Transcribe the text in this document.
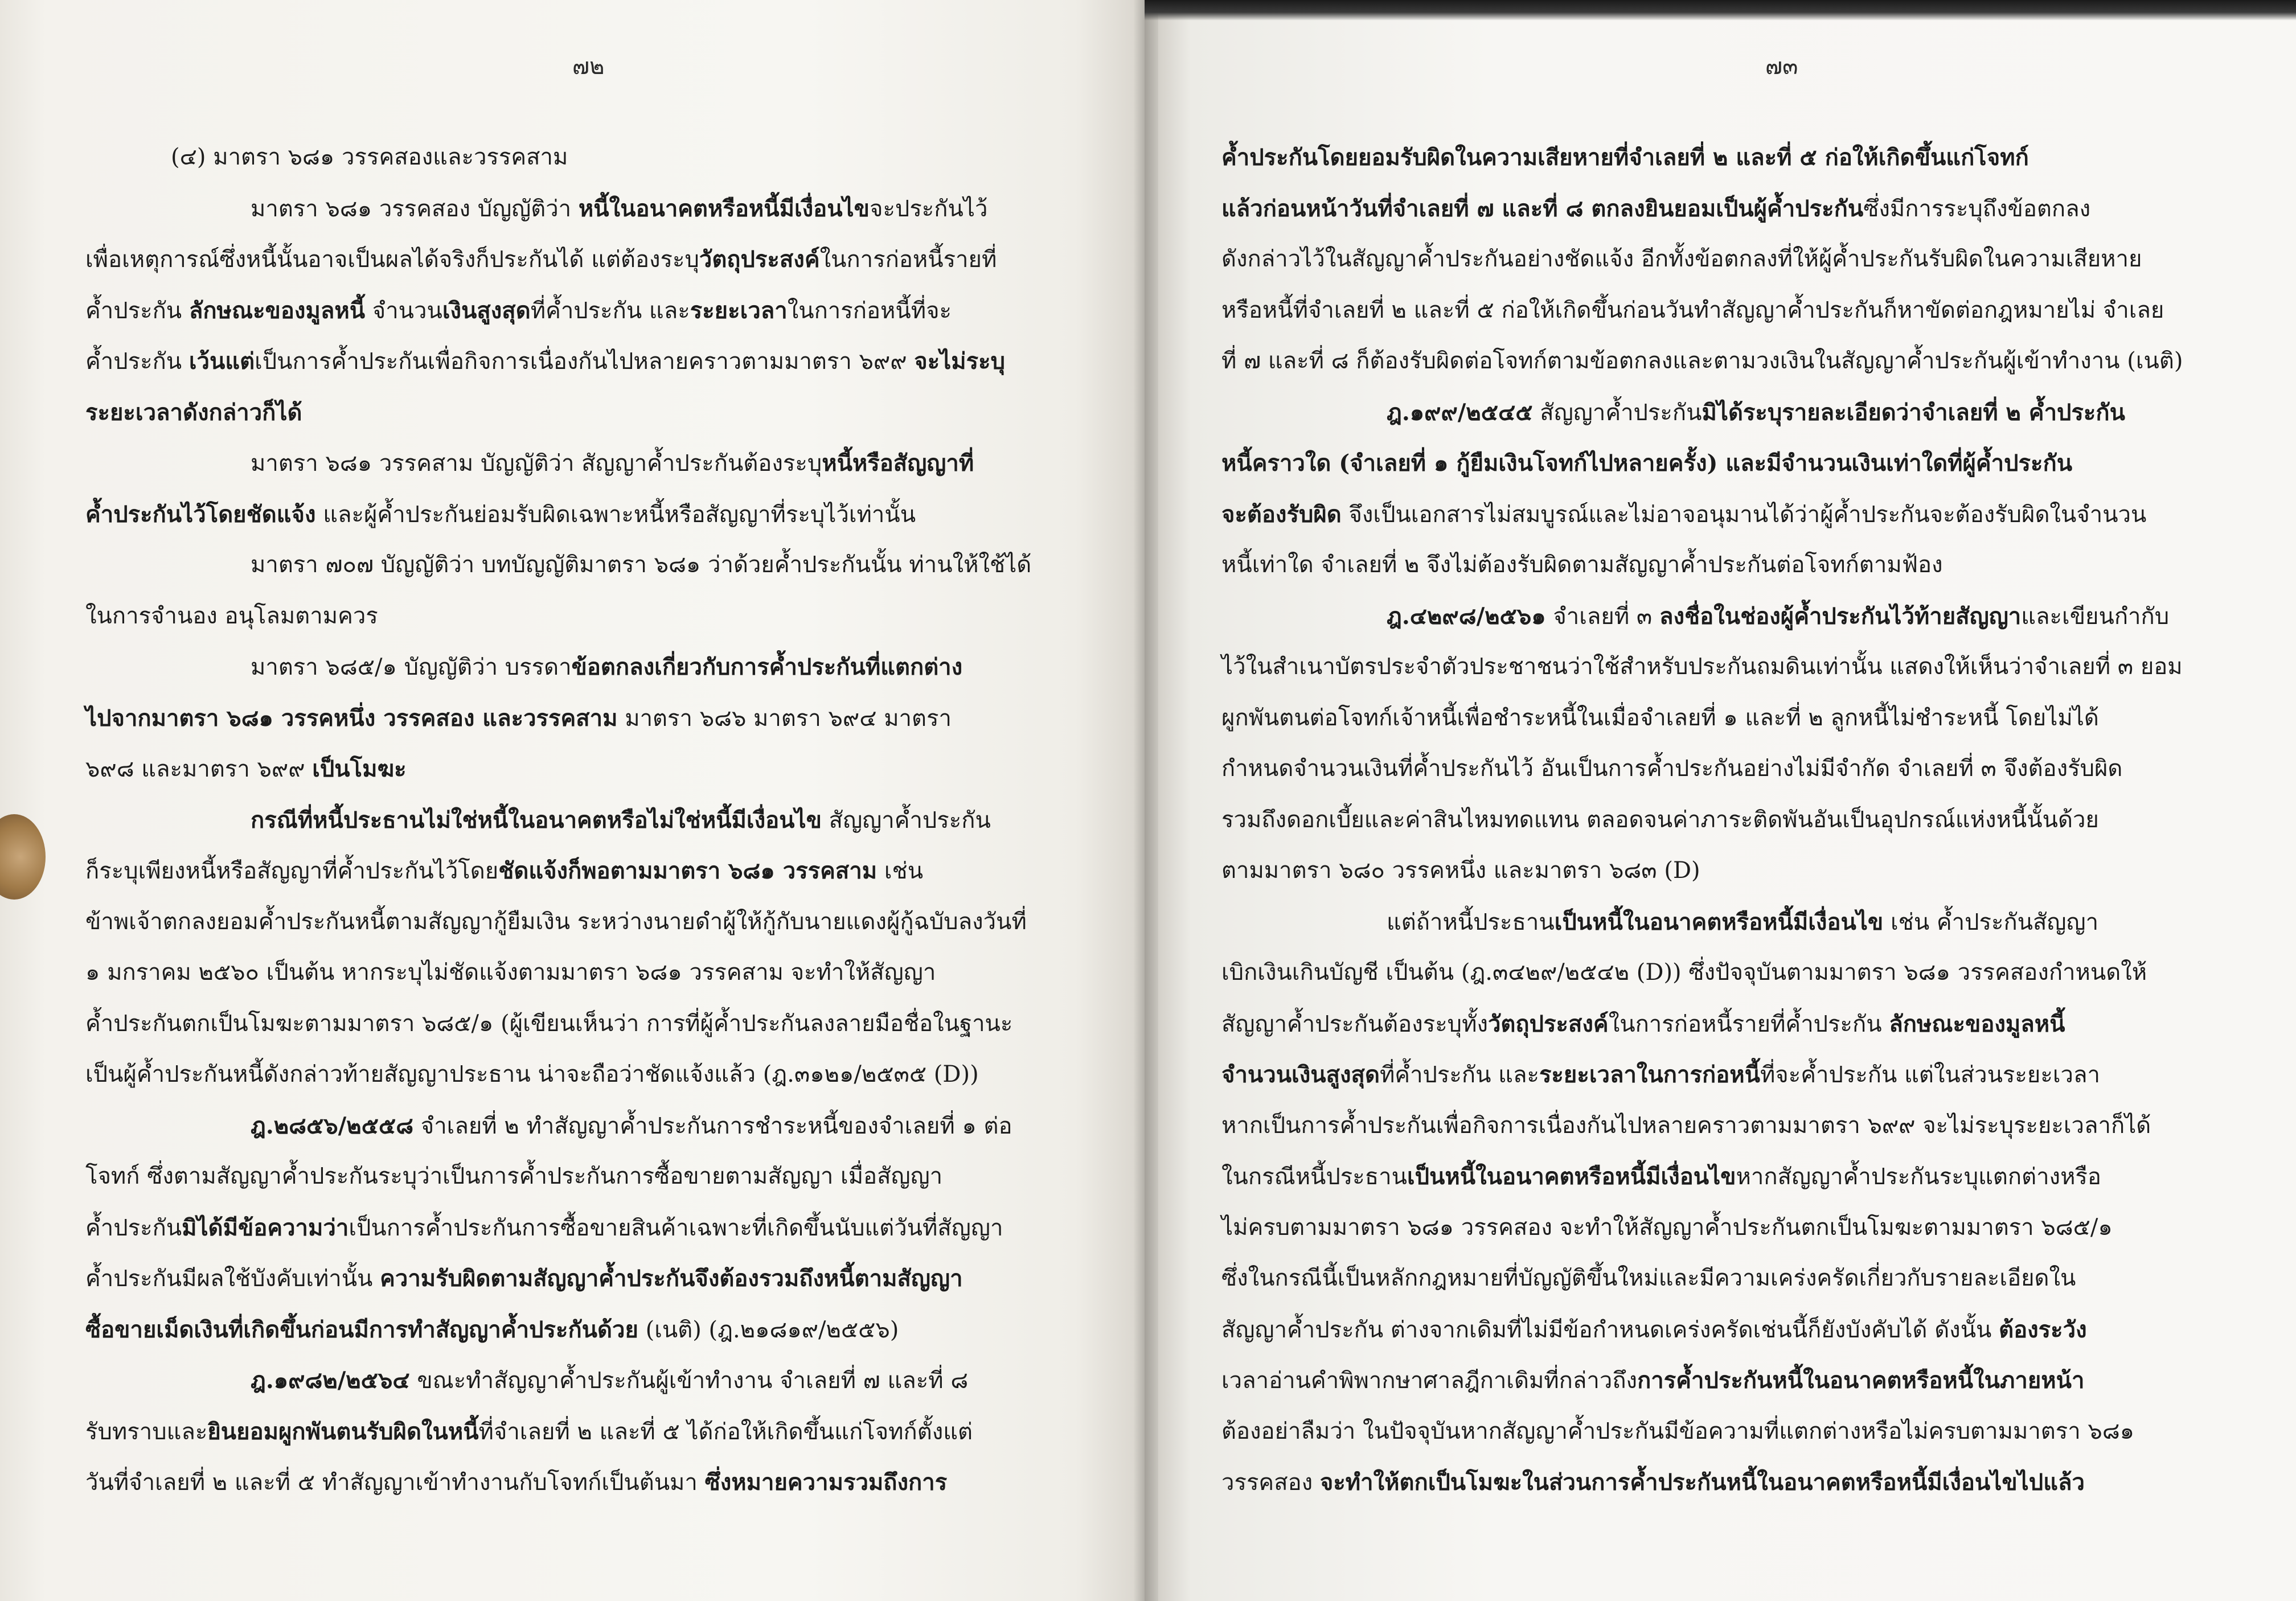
๗๒
(๔) มาตรา ๖๘๑ วรรคสองและวรรคสาม
มาตรา ๖๘๑ วรรคสอง บัญญัติว่า หนี้ในอนาคตหรือหนี้มีเงื่อนไขจะประกันไว้
เพื่อเหตุการณ์ซึ่งหนี้นั้นอาจเป็นผลได้จริงก็ประกันได้ แต่ต้องระบุวัตถุประสงค์ในการก่อหนี้รายที่
ค้ำประกัน ลักษณะของมูลหนี้ จำนวนเงินสูงสุดที่ค้ำประกัน และระยะเวลาในการก่อหนี้ที่จะ
ค้ำประกัน เว้นแต่เป็นการค้ำประกันเพื่อกิจการเนื่องกันไปหลายคราวตามมาตรา ๖๙๙ จะไม่ระบุ
ระยะเวลาดังกล่าวก็ได้
มาตรา ๖๘๑ วรรคสาม บัญญัติว่า สัญญาค้ำประกันต้องระบุหนี้หรือสัญญาที่
ค้ำประกันไว้โดยชัดแจ้ง และผู้ค้ำประกันย่อมรับผิดเฉพาะหนี้หรือสัญญาที่ระบุไว้เท่านั้น
มาตรา ๗๐๗ บัญญัติว่า บทบัญญัติมาตรา ๖๘๑ ว่าด้วยค้ำประกันนั้น ท่านให้ใช้ได้
ในการจำนอง อนุโลมตามควร
มาตรา ๖๘๕/๑ บัญญัติว่า บรรดาข้อตกลงเกี่ยวกับการค้ำประกันที่แตกต่าง
ไปจากมาตรา ๖๘๑ วรรคหนึ่ง วรรคสอง และวรรคสาม มาตรา ๖๘๖ มาตรา ๖๙๔ มาตรา
๖๙๘ และมาตรา ๖๙๙ เป็นโมฆะ
กรณีที่หนี้ประธานไม่ใช่หนี้ในอนาคตหรือไม่ใช่หนี้มีเงื่อนไข สัญญาค้ำประกัน
ก็ระบุเพียงหนี้หรือสัญญาที่ค้ำประกันไว้โดยชัดแจ้งก็พอตามมาตรา ๖๘๑ วรรคสาม เช่น
ข้าพเจ้าตกลงยอมค้ำประกันหนี้ตามสัญญากู้ยืมเงิน ระหว่างนายดำผู้ให้กู้กับนายแดงผู้กู้ฉบับลงวันที่
๑ มกราคม ๒๕๖๐ เป็นต้น หากระบุไม่ชัดแจ้งตามมาตรา ๖๘๑ วรรคสาม จะทำให้สัญญา
ค้ำประกันตกเป็นโมฆะตามมาตรา ๖๘๕/๑ (ผู้เขียนเห็นว่า การที่ผู้ค้ำประกันลงลายมือชื่อในฐานะ
เป็นผู้ค้ำประกันหนี้ดังกล่าวท้ายสัญญาประธาน น่าจะถือว่าชัดแจ้งแล้ว (ฎ.๓๑๒๑/๒๕๓๕ (D))
ฎ.๒๘๕๖/๒๕๕๘ จำเลยที่ ๒ ทำสัญญาค้ำประกันการชำระหนี้ของจำเลยที่ ๑ ต่อ
โจทก์ ซึ่งตามสัญญาค้ำประกันระบุว่าเป็นการค้ำประกันการซื้อขายตามสัญญา เมื่อสัญญา
ค้ำประกันมิได้มีข้อความว่าเป็นการค้ำประกันการซื้อขายสินค้าเฉพาะที่เกิดขึ้นนับแต่วันที่สัญญา
ค้ำประกันมีผลใช้บังคับเท่านั้น ความรับผิดตามสัญญาค้ำประกันจึงต้องรวมถึงหนี้ตามสัญญา
ซื้อขายเม็ดเงินที่เกิดขึ้นก่อนมีการทำสัญญาค้ำประกันด้วย (เนติ) (ฎ.๒๑๘๑๙/๒๕๕๖)
ฎ.๑๙๘๒/๒๕๖๔ ขณะทำสัญญาค้ำประกันผู้เข้าทำงาน จำเลยที่ ๗ และที่ ๘
รับทราบและยินยอมผูกพันตนรับผิดในหนี้ที่จำเลยที่ ๒ และที่ ๕ ได้ก่อให้เกิดขึ้นแก่โจทก์ตั้งแต่
วันที่จำเลยที่ ๒ และที่ ๕ ทำสัญญาเข้าทำงานกับโจทก์เป็นต้นมา ซึ่งหมายความรวมถึงการ
๗๓
ค้ำประกันโดยยอมรับผิดในความเสียหายที่จำเลยที่ ๒ และที่ ๕ ก่อให้เกิดขึ้นแก่โจทก์
แล้วก่อนหน้าวันที่จำเลยที่ ๗ และที่ ๘ ตกลงยินยอมเป็นผู้ค้ำประกันซึ่งมีการระบุถึงข้อตกลง
ดังกล่าวไว้ในสัญญาค้ำประกันอย่างชัดแจ้ง อีกทั้งข้อตกลงที่ให้ผู้ค้ำประกันรับผิดในความเสียหาย
หรือหนี้ที่จำเลยที่ ๒ และที่ ๕ ก่อให้เกิดขึ้นก่อนวันทำสัญญาค้ำประกันก็หาขัดต่อกฎหมายไม่ จำเลย
ที่ ๗ และที่ ๘ ก็ต้องรับผิดต่อโจทก์ตามข้อตกลงและตามวงเงินในสัญญาค้ำประกันผู้เข้าทำงาน (เนติ)
ฎ.๑๙๙/๒๕๔๕ สัญญาค้ำประกันมิได้ระบุรายละเอียดว่าจำเลยที่ ๒ ค้ำประกัน
หนี้คราวใด (จำเลยที่ ๑ กู้ยืมเงินโจทก์ไปหลายครั้ง) และมีจำนวนเงินเท่าใดที่ผู้ค้ำประกัน
จะต้องรับผิด จึงเป็นเอกสารไม่สมบูรณ์และไม่อาจอนุมานได้ว่าผู้ค้ำประกันจะต้องรับผิดในจำนวน
หนี้เท่าใด จำเลยที่ ๒ จึงไม่ต้องรับผิดตามสัญญาค้ำประกันต่อโจทก์ตามฟ้อง
ฎ.๔๒๙๘/๒๕๖๑ จำเลยที่ ๓ ลงชื่อในช่องผู้ค้ำประกันไว้ท้ายสัญญาและเขียนกำกับ
ไว้ในสำเนาบัตรประจำตัวประชาชนว่าใช้สำหรับประกันถมดินเท่านั้น แสดงให้เห็นว่าจำเลยที่ ๓ ยอม
ผูกพันตนต่อโจทก์เจ้าหนี้เพื่อชำระหนี้ในเมื่อจำเลยที่ ๑ และที่ ๒ ลูกหนี้ไม่ชำระหนี้ โดยไม่ได้
กำหนดจำนวนเงินที่ค้ำประกันไว้ อันเป็นการค้ำประกันอย่างไม่มีจำกัด จำเลยที่ ๓ จึงต้องรับผิด
รวมถึงดอกเบี้ยและค่าสินไหมทดแทน ตลอดจนค่าภาระติดพันอันเป็นอุปกรณ์แห่งหนี้นั้นด้วย
ตามมาตรา ๖๘๐ วรรคหนึ่ง และมาตรา ๖๘๓ (D)
แต่ถ้าหนี้ประธานเป็นหนี้ในอนาคตหรือหนี้มีเงื่อนไข เช่น ค้ำประกันสัญญา
เบิกเงินเกินบัญชี เป็นต้น (ฎ.๓๔๒๙/๒๕๔๒ (D)) ซึ่งปัจจุบันตามมาตรา ๖๘๑ วรรคสองกำหนดให้
สัญญาค้ำประกันต้องระบุทั้งวัตถุประสงค์ในการก่อหนี้รายที่ค้ำประกัน ลักษณะของมูลหนี้
จำนวนเงินสูงสุดที่ค้ำประกัน และระยะเวลาในการก่อหนี้ที่จะค้ำประกัน แต่ในส่วนระยะเวลา
หากเป็นการค้ำประกันเพื่อกิจการเนื่องกันไปหลายคราวตามมาตรา ๖๙๙ จะไม่ระบุระยะเวลาก็ได้
ในกรณีหนี้ประธานเป็นหนี้ในอนาคตหรือหนี้มีเงื่อนไขหากสัญญาค้ำประกันระบุแตกต่างหรือ
ไม่ครบตามมาตรา ๖๘๑ วรรคสอง จะทำให้สัญญาค้ำประกันตกเป็นโมฆะตามมาตรา ๖๘๕/๑
ซึ่งในกรณีนี้เป็นหลักกฎหมายที่บัญญัติขึ้นใหม่และมีความเคร่งครัดเกี่ยวกับรายละเอียดใน
สัญญาค้ำประกัน ต่างจากเดิมที่ไม่มีข้อกำหนดเคร่งครัดเช่นนี้ก็ยังบังคับได้ ดังนั้น ต้องระวัง
เวลาอ่านคำพิพากษาศาลฎีกาเดิมที่กล่าวถึงการค้ำประกันหนี้ในอนาคตหรือหนี้ในภายหน้า
ต้องอย่าลืมว่า ในปัจจุบันหากสัญญาค้ำประกันมีข้อความที่แตกต่างหรือไม่ครบตามมาตรา ๖๘๑
วรรคสอง จะทำให้ตกเป็นโมฆะในส่วนการค้ำประกันหนี้ในอนาคตหรือหนี้มีเงื่อนไขไปแล้ว
